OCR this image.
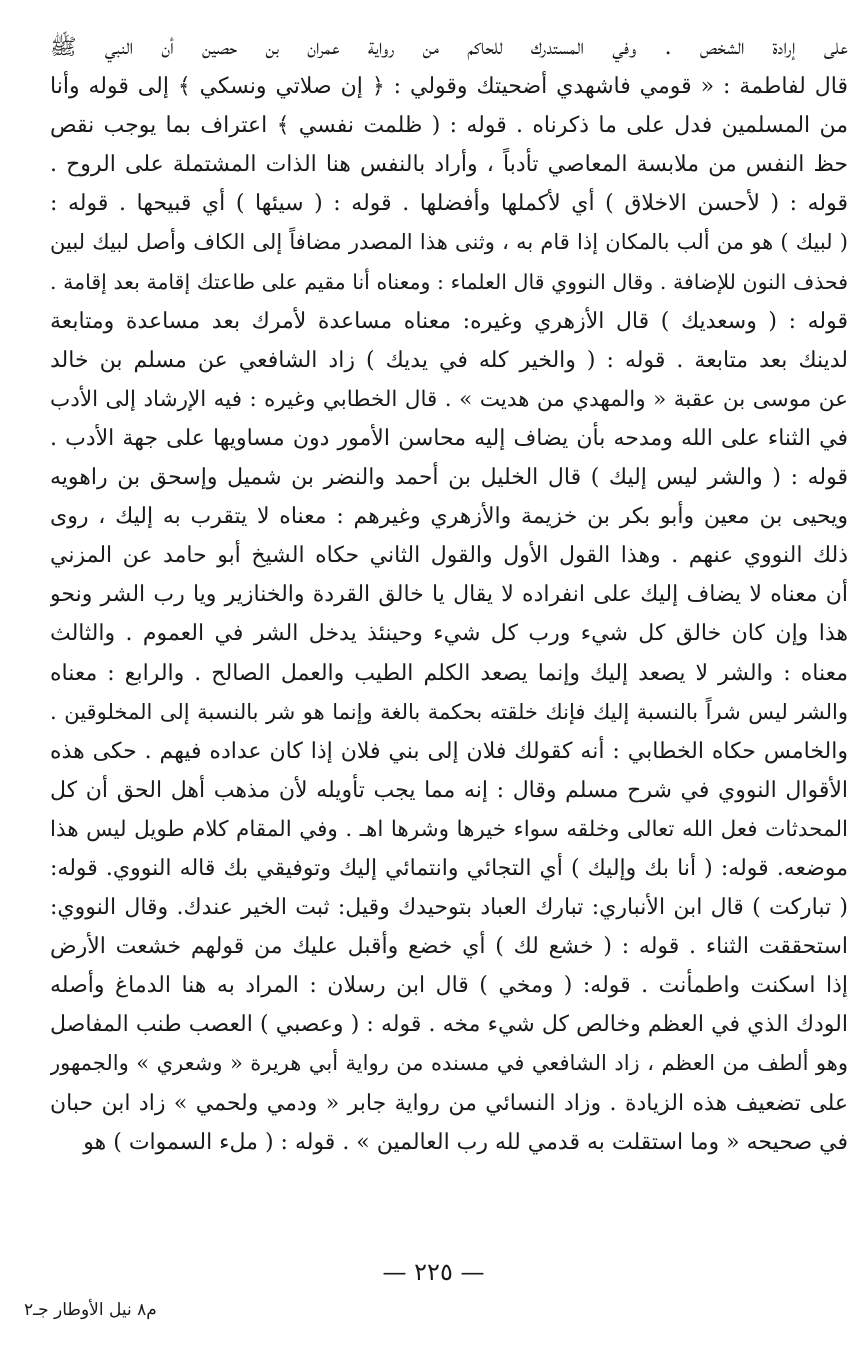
على إرادة الشخص . وفي المستدرك للحاكم من رواية عمران بن حصين أن النبي ﷺ
قال لفاطمة : « قومي فاشهدي أضحيتك وقولي : ﴿ إن صلاتي ونسكي ﴾ إلى قوله وأنا
من المسلمين فدل على ما ذكرناه . قوله : ( ظلمت نفسي ﴾ اعتراف بما يوجب نقص
حظ النفس من ملابسة المعاصي تأدباً ، وأراد بالنفس هنا الذات المشتملة على الروح .
قوله : ( لأحسن الاخلاق ) أي لأكملها وأفضلها . قوله : ( سيئها ) أي قبيحها . قوله :
( لبيك ) هو من ألب بالمكان إذا قام به ، وثنى هذا المصدر مضافاً إلى الكاف وأصل لبيك لبين
فحذف النون للإضافة . وقال النووي قال العلماء : ومعناه أنا مقيم على طاعتك إقامة بعد إقامة .
قوله : ( وسعديك ) قال الأزهري وغيره: معناه مساعدة لأمرك بعد مساعدة ومتابعة
لدينك بعد متابعة . قوله : ( والخير كله في يديك ) زاد الشافعي عن مسلم بن خالد
عن موسى بن عقبة « والمهدي من هديت » . قال الخطابي وغيره : فيه الإرشاد إلى الأدب
في الثناء على الله ومدحه بأن يضاف إليه محاسن الأمور دون مساويها على جهة الأدب .
قوله : ( والشر ليس إليك ) قال الخليل بن أحمد والنضر بن شميل وإسحق بن راهويه
ويحيى بن معين وأبو بكر بن خزيمة والأزهري وغيرهم : معناه لا يتقرب به إليك ، روى
ذلك النووي عنهم . وهذا القول الأول والقول الثاني حكاه الشيخ أبو حامد عن المزني
أن معناه لا يضاف إليك على انفراده لا يقال يا خالق القردة والخنازير ويا رب الشر ونحو
هذا وإن كان خالق كل شيء ورب كل شيء وحينئذ يدخل الشر في العموم . والثالث
معناه : والشر لا يصعد إليك وإنما يصعد الكلم الطيب والعمل الصالح . والرابع : معناه
والشر ليس شراً بالنسبة إليك فإنك خلقته بحكمة بالغة وإنما هو شر بالنسبة إلى المخلوقين .
والخامس حكاه الخطابي : أنه كقولك فلان إلى بني فلان إذا كان عداده فيهم . حكى هذه
الأقوال النووي في شرح مسلم وقال : إنه مما يجب تأويله لأن مذهب أهل الحق أن كل
المحدثات فعل الله تعالى وخلقه سواء خيرها وشرها اهـ . وفي المقام كلام طويل ليس هذا
موضعه. قوله: ( أنا بك وإليك ) أي التجائي وانتمائي إليك وتوفيقي بك قاله النووي. قوله:
( تباركت ) قال ابن الأنباري: تبارك العباد بتوحيدك وقيل: ثبت الخير عندك. وقال النووي:
استحققت الثناء . قوله : ( خشع لك ) أي خضع وأقبل عليك من قولهم خشعت الأرض
إذا اسكنت واطمأنت . قوله: ( ومخي ) قال ابن رسلان : المراد به هنا الدماغ وأصله
الودك الذي في العظم وخالص كل شيء مخه . قوله : ( وعصبي ) العصب طنب المفاصل
وهو ألطف من العظم ، زاد الشافعي في مسنده من رواية أبي هريرة « وشعري » والجمهور
على تضعيف هذه الزيادة . وزاد النسائي من رواية جابر « ودمي ولحمي » زاد ابن حبان
في صحيحه « وما استقلت به قدمي لله رب العالمين » . قوله : ( ملء السموات ) هو
— ٢٢٥ —
م٨ نيل الأوطار جـ٢
